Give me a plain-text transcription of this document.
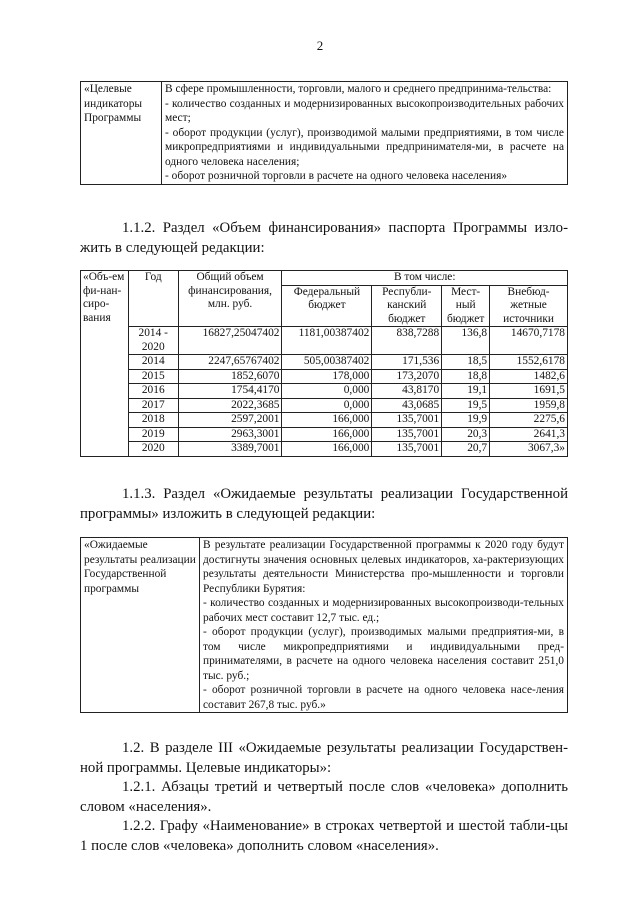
2
«Целевые индикаторы Программы	
В сфере промышленности, торговли, малого и среднего предпринима-тельства:
- количество созданных и модернизированных высокопроизводительных рабочих мест;
- оборот продукции (услуг), производимой малыми предприятиями, в том числе микропредприятиями и индивидуальными предпринимателя-ми, в расчете на одного человека населения;
- оборот розничной торговли в расчете на одного человека населения»
1.1.2. Раздел «Объем финансирования» паспорта Программы изло-жить в следующей редакции:
«Объ-ем фи-нан-сиро-вания	Год	Общий объем финансирования, млн. руб.	В том числе:			
			Федеральный бюджет	Республи-канский бюджет	Мест-ный бюджет	Внебюд-жетные источники
	2014 - 2020	16827,25047402	1181,00387402	838,7288	136,8	14670,7178
	2014	2247,65767402	505,00387402	171,536	18,5	1552,6178
	2015	1852,6070	178,000	173,2070	18,8	1482,6
	2016	1754,4170	0,000	43,8170	19,1	1691,5
	2017	2022,3685	0,000	43,0685	19,5	1959,8
	2018	2597,2001	166,000	135,7001	19,9	2275,6
	2019	2963,3001	166,000	135,7001	20,3	2641,3
	2020	3389,7001	166,000	135,7001	20,7	3067,3»
1.1.3. Раздел «Ожидаемые результаты реализации Государственной программы» изложить в следующей редакции:
«Ожидаемые результаты реализации Государственной программы	
В результате реализации Государственной программы к 2020 году будут достигнуты значения основных целевых индикаторов, ха-рактеризующих результаты деятельности Министерства про-мышленности и торговли Республики Бурятия:
- количество созданных и модернизированных высокопроизводи-тельных рабочих мест составит 12,7 тыс. ед.;
- оборот продукции (услуг), производимых малыми предприятия-ми, в том числе микропредприятиями и индивидуальными пред-принимателями, в расчете на одного человека населения составит 251,0 тыс. руб.;
- оборот розничной торговли в расчете на одного человека насе-ления составит 267,8 тыс. руб.»
1.2. В разделе III «Ожидаемые результаты реализации Государствен-ной программы. Целевые индикаторы»:
1.2.1. Абзацы третий и четвертый после слов «человека» дополнить словом «населения».
1.2.2. Графу «Наименование» в строках четвертой и шестой табли-цы 1 после слов «человека» дополнить словом «населения».
